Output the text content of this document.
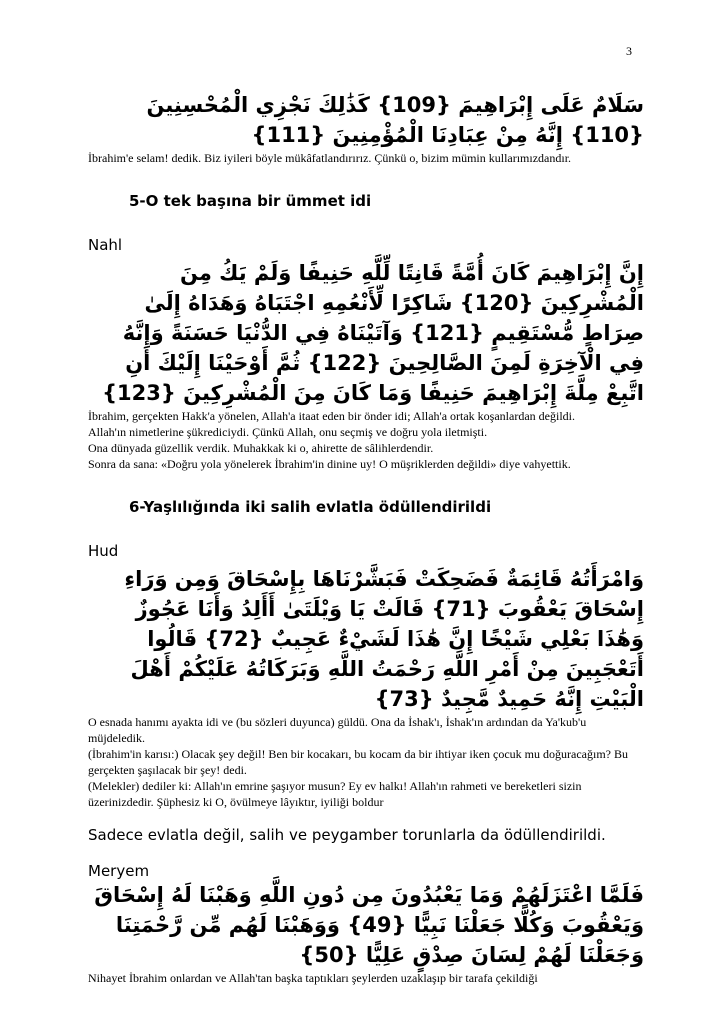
3

سَلَامٌ عَلَى إِبْرَاهِيمَ {109} كَذَٰلِكَ نَجْزِي الْمُحْسِنِينَ {110} إِنَّهُ مِنْ عِبَادِنَا الْمُؤْمِنِينَ {111}

İbrahim'e selam! dedik. Biz iyileri böyle mükâfatlandırırız. Çünkü o, bizim mümin kullarımızdandır.

5-O tek başına bir ümmet idi

Nahl

إِنَّ إِبْرَاهِيمَ كَانَ أُمَّةً قَانِتًا لِّلَّهِ حَنِيفًا وَلَمْ يَكُ مِنَ الْمُشْرِكِينَ {120} شَاكِرًا لِّأَنْعُمِهِ اجْتَبَاهُ وَهَدَاهُ إِلَىٰ صِرَاطٍ مُّسْتَقِيمٍ {121} وَآتَيْنَاهُ فِي الدُّنْيَا حَسَنَةً وَإِنَّهُ فِي الْآخِرَةِ لَمِنَ الصَّالِحِينَ {122} ثُمَّ أَوْحَيْنَا إِلَيْكَ أَنِ اتَّبِعْ مِلَّةَ إِبْرَاهِيمَ حَنِيفًا وَمَا كَانَ مِنَ الْمُشْرِكِينَ {123}

İbrahim, gerçekten Hakk'a yönelen, Allah'a itaat eden bir önder idi; Allah'a ortak koşanlardan değildi.

Allah'ın nimetlerine şükrediciydi. Çünkü Allah, onu seçmiş ve doğru yola iletmişti.

Ona dünyada güzellik verdik. Muhakkak ki o, ahirette de sâlihlerdendir.

Sonra da sana: «Doğru yola yönelerek İbrahim'in dinine uy! O müşriklerden değildi» diye vahyettik.

6-Yaşlılığında iki salih evlatla ödüllendirildi

Hud

وَامْرَأَتُهُ قَائِمَةٌ فَضَحِكَتْ فَبَشَّرْنَاهَا بِإِسْحَاقَ وَمِن وَرَاءِ إِسْحَاقَ يَعْقُوبَ {71} قَالَتْ يَا وَيْلَتَىٰ أَأَلِدُ وَأَنَا عَجُوزٌ وَهَٰذَا بَعْلِي شَيْخًا إِنَّ هَٰذَا لَشَيْءٌ عَجِيبٌ {72} قَالُوا أَتَعْجَبِينَ مِنْ أَمْرِ اللَّهِ رَحْمَتُ اللَّهِ وَبَرَكَاتُهُ عَلَيْكُمْ أَهْلَ الْبَيْتِ إِنَّهُ حَمِيدٌ مَّجِيدٌ {73}

O esnada hanımı ayakta idi ve (bu sözleri duyunca) güldü. Ona da İshak'ı, İshak'ın ardından da Ya'kub'u müjdeledik.

(İbrahim'in karısı:) Olacak şey değil! Ben bir kocakarı, bu kocam da bir ihtiyar iken çocuk mu doğuracağım? Bu gerçekten şaşılacak bir şey! dedi.

(Melekler) dediler ki: Allah'ın emrine şaşıyor musun? Ey ev halkı! Allah'ın rahmeti ve bereketleri sizin üzerinizdedir. Şüphesiz ki O, övülmeye lâyıktır, iyiliği boldur

Sadece evlatla değil, salih ve peygamber torunlarla da ödüllendirildi.

Meryem

فَلَمَّا اعْتَزَلَهُمْ وَمَا يَعْبُدُونَ مِن دُونِ اللَّهِ وَهَبْنَا لَهُ إِسْحَاقَ وَيَعْقُوبَ وَكُلًّا جَعَلْنَا نَبِيًّا {49} وَوَهَبْنَا لَهُم مِّن رَّحْمَتِنَا وَجَعَلْنَا لَهُمْ لِسَانَ صِدْقٍ عَلِيًّا {50}

Nihayet İbrahim onlardan ve Allah'tan başka taptıkları şeylerden uzaklaşıp bir tarafa çekildiği
